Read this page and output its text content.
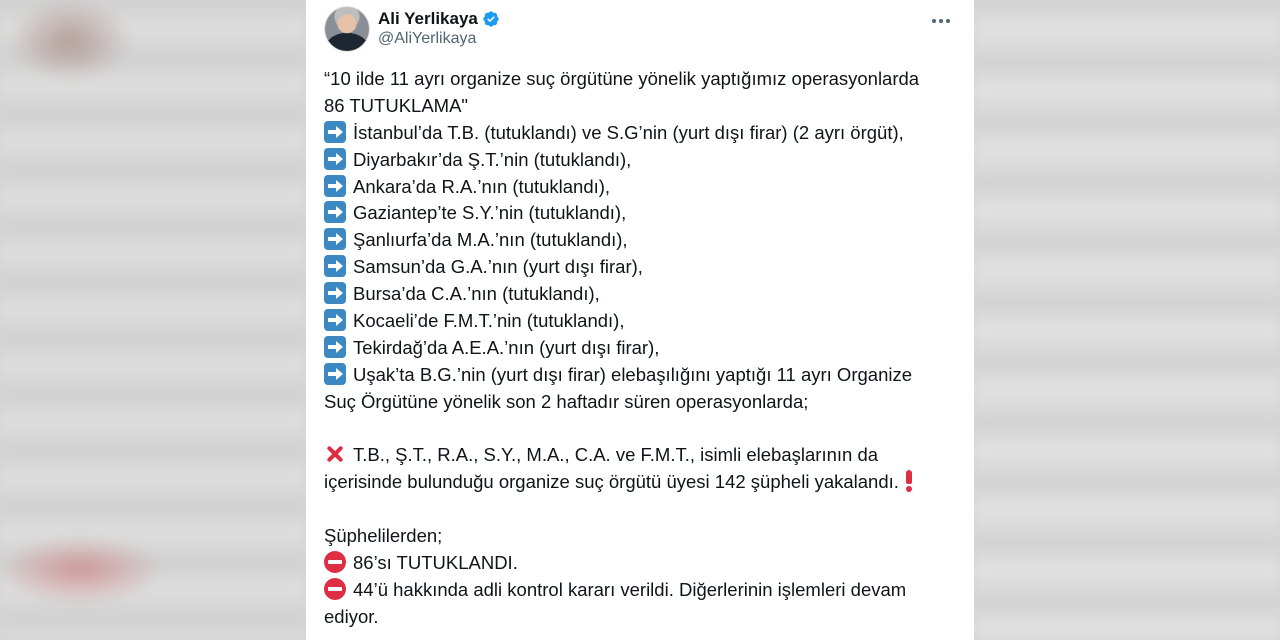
Ali Yerlikaya
@AliYerlikaya
“10 ilde 11 ayrı organize suç örgütüne yönelik yaptığımız operasyonlarda
86 TUTUKLAMA"
İstanbul’da T.B. (tutuklandı) ve S.G’nin (yurt dışı firar) (2 ayrı örgüt),
Diyarbakır’da Ş.T.’nin (tutuklandı),
Ankara’da R.A.’nın (tutuklandı),
Gaziantep’te S.Y.’nin (tutuklandı),
Şanlıurfa’da M.A.’nın (tutuklandı),
Samsun’da G.A.’nın (yurt dışı firar),
Bursa’da C.A.’nın (tutuklandı),
Kocaeli’de F.M.T.’nin (tutuklandı),
Tekirdağ’da A.E.A.’nın (yurt dışı firar),
Uşak’ta B.G.’nin (yurt dışı firar) elebaşılığını yaptığı 11 ayrı Organize
Suç Örgütüne yönelik son 2 haftadır süren operasyonlarda;
T.B., Ş.T., R.A., S.Y., M.A., C.A. ve F.M.T., isimli elebaşlarının da
içerisinde bulunduğu organize suç örgütü üyesi 142 şüpheli yakalandı.
Şüphelilerden;
86’sı TUTUKLANDI.
44’ü hakkında adli kontrol kararı verildi. Diğerlerinin işlemleri devam
ediyor.
